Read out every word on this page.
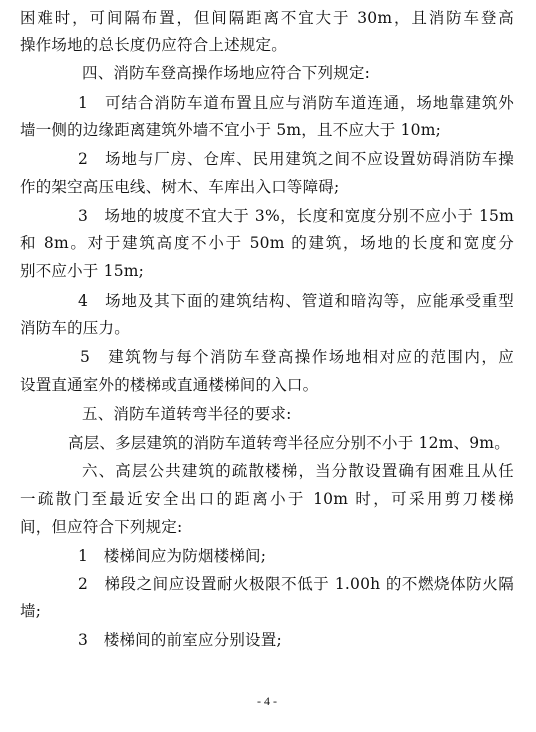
困难时，可间隔布置，但间隔距离不宜大于 30m，且消防车登高
操作场地的总长度仍应符合上述规定。
四、消防车登高操作场地应符合下列规定:
1　可结合消防车道布置且应与消防车道连通，场地靠建筑外
墙一侧的边缘距离建筑外墙不宜小于 5m，且不应大于 10m;
2　场地与厂房、仓库、民用建筑之间不应设置妨碍消防车操
作的架空高压电线、树木、车库出入口等障碍;
3　场地的坡度不宜大于 3%，长度和宽度分别不应小于 15m
和 8m。对于建筑高度不小于 50m 的建筑，场地的长度和宽度分
别不应小于 15m;
4　场地及其下面的建筑结构、管道和暗沟等，应能承受重型
消防车的压力。
5　建筑物与每个消防车登高操作场地相对应的范围内，应
设置直通室外的楼梯或直通楼梯间的入口。
五、消防车道转弯半径的要求:
高层、多层建筑的消防车道转弯半径应分别不小于 12m、9m。
六、高层公共建筑的疏散楼梯，当分散设置确有困难且从任
一疏散门至最近安全出口的距离小于 10m 时，可采用剪刀楼梯
间，但应符合下列规定:
1　楼梯间应为防烟楼梯间;
2　梯段之间应设置耐火极限不低于 1.00h 的不燃烧体防火隔
墙;
3　楼梯间的前室应分别设置;
- 4 -
